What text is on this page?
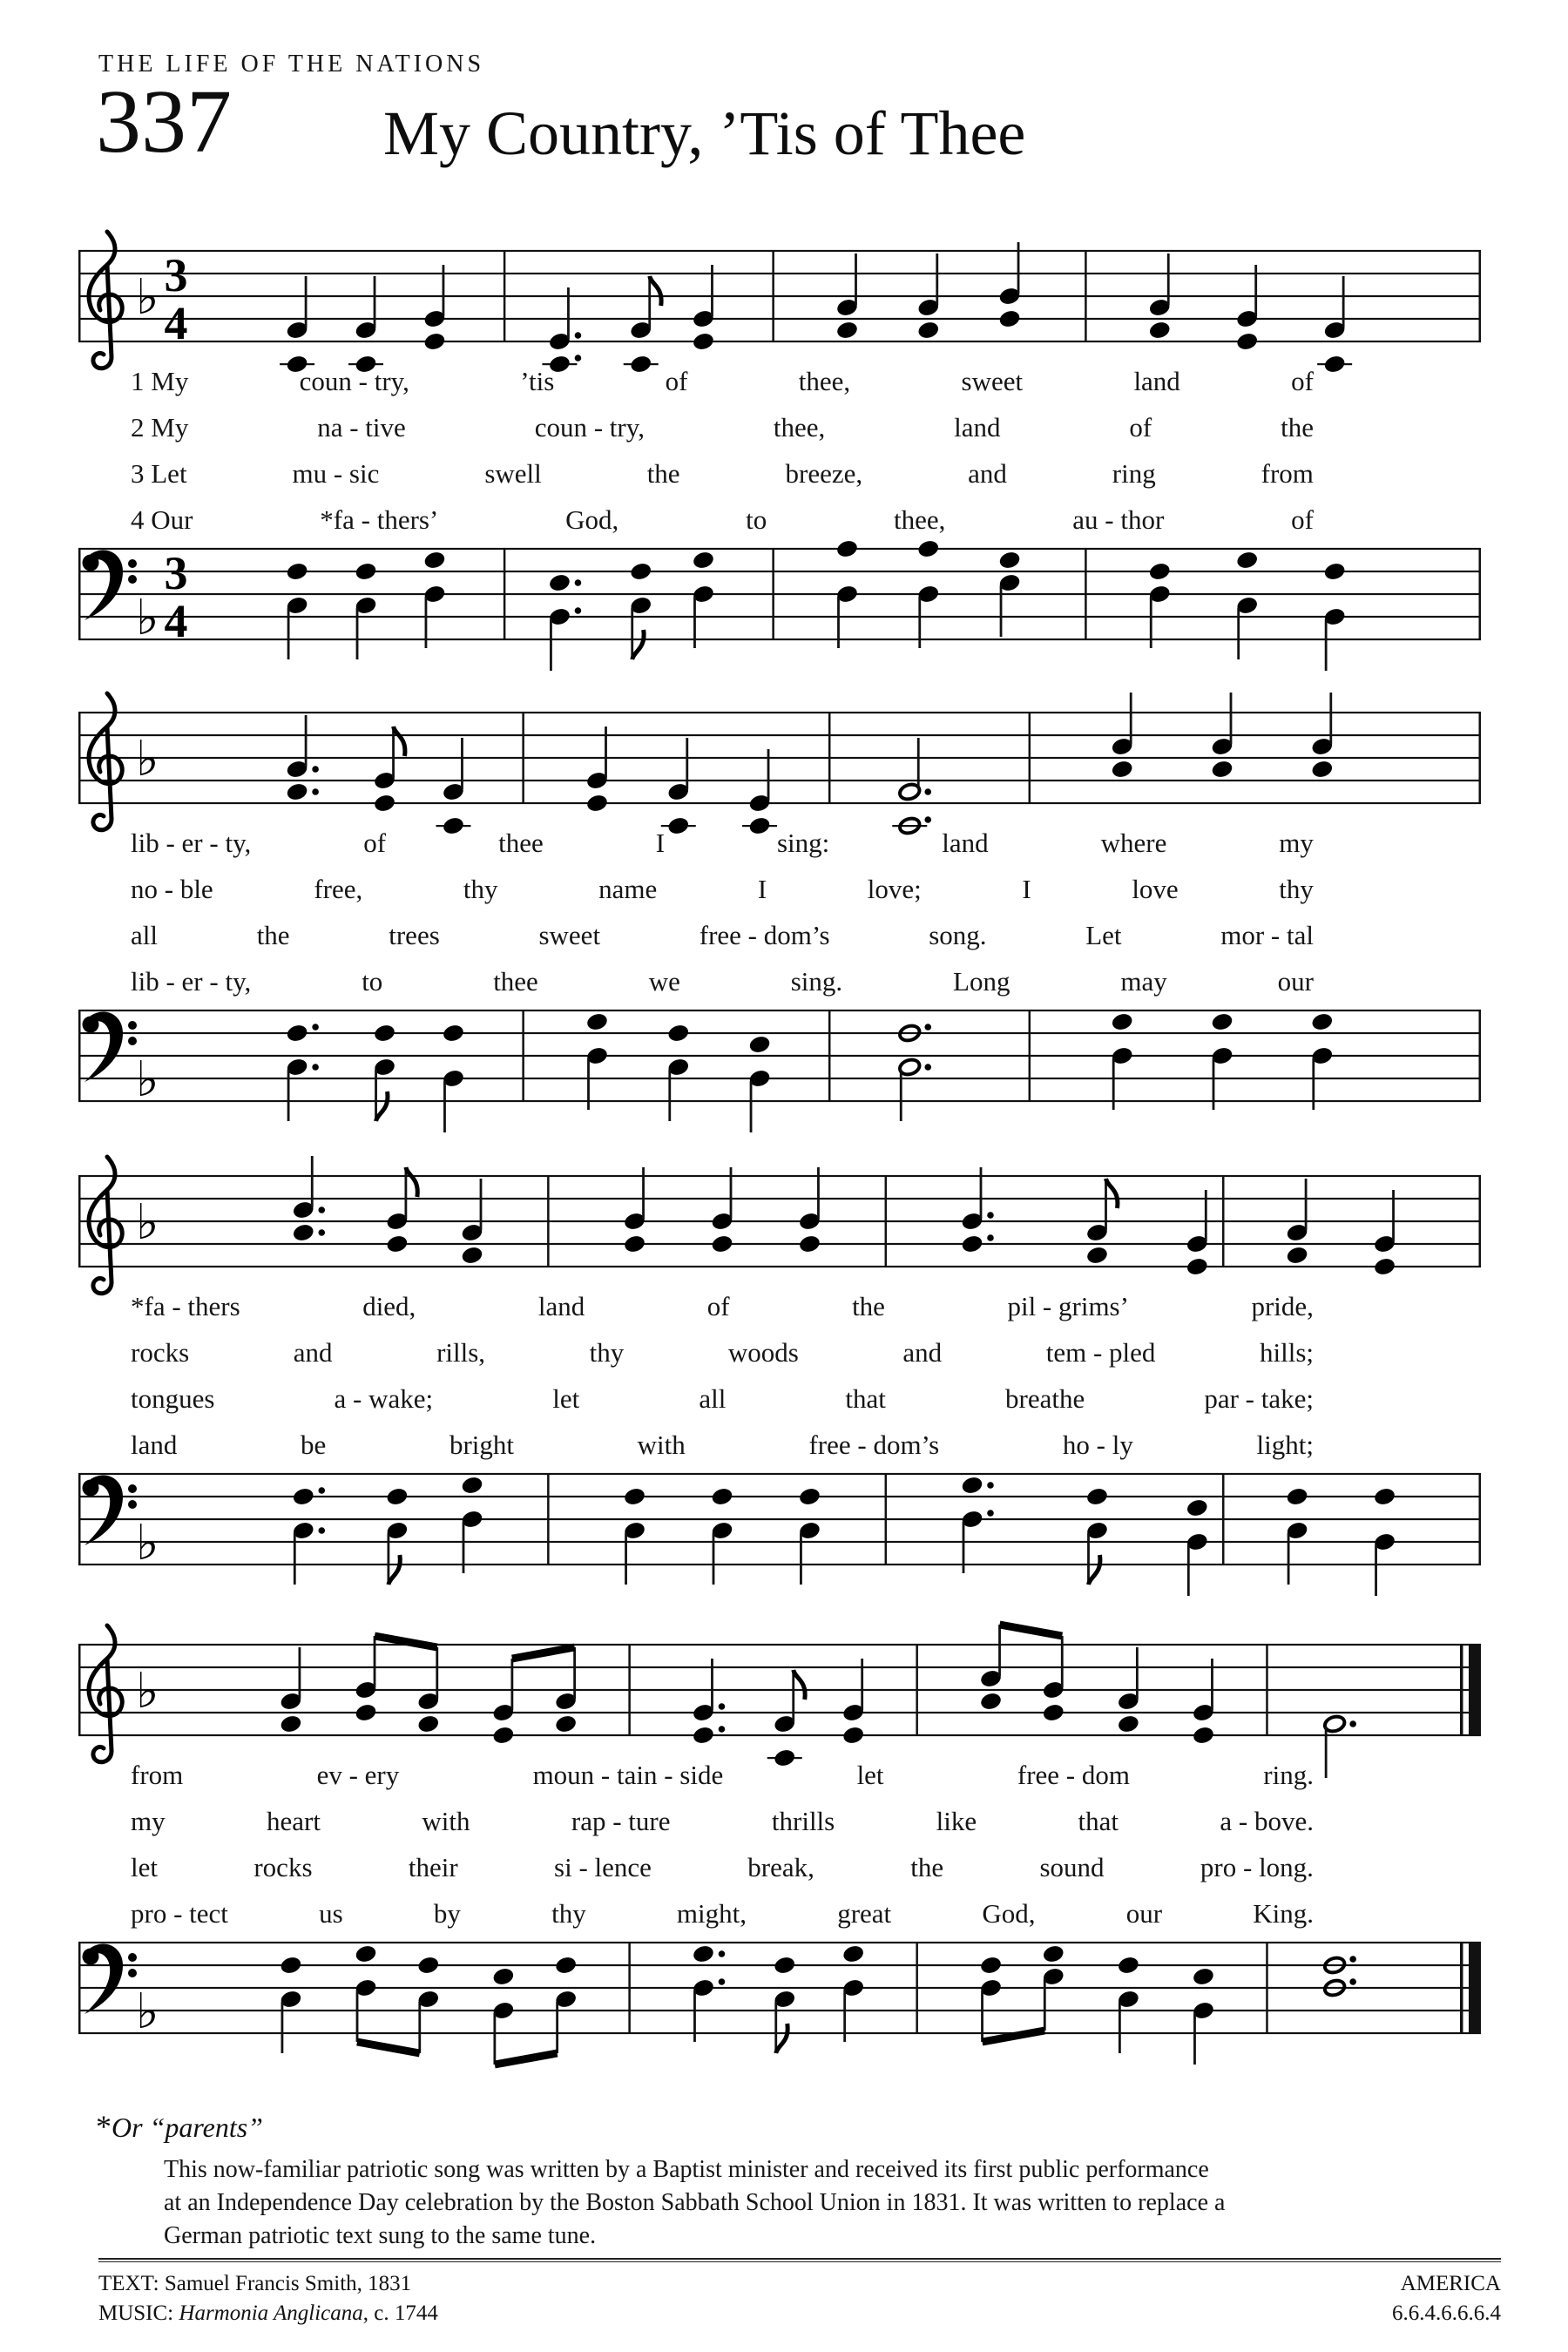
THE LIFE OF THE NATIONS
337 My Country, ’Tis of Thee
♭ 3
4
1 My	coun - try,	’tis	of	thee,	sweet	land	of
2 My	na - tive	coun - try,	thee,	land	of	the
3 Let	mu - sic	swell	the	breeze,	and	ring	from
4 Our	*fa - thers’	God,	to	thee,	au - thor	of
♭
3
4
♭
lib - er - ty,	of	thee	I	sing:	land	where	my
no - ble	free,	thy	name	I	love;	I	love	thy
all	the	trees	sweet	free - dom’s	song.	Let	mor - tal
lib - er - ty,	to	thee	we	sing.	Long	may	our
♭
♭
*fa - thers	died,	land	of	the	pil - grims’	pride,
rocks	and	rills,	thy	woods	and	tem - pled	hills;
tongues	a - wake;	let	all	that	breathe	par - take;
land	be	bright	with	free - dom’s	ho - ly	light;
♭
♭
from	ev - ery	moun - tain - side	let	free - dom	ring.
my	heart	with	rap - ture	thrills	like	that	a - bove.
let	rocks	their	si - lence	break,	the	sound	pro - long.
pro - tect	us	by	thy	might,	great	God,	our	King.
♭
*Or “parents”
This now-familiar patriotic song was written by a Baptist minister and received its first public performance
at an Independence Day celebration by the Boston Sabbath School Union in 1831. It was written to replace a
German patriotic text sung to the same tune.
TEXT: Samuel Francis Smith, 1831
MUSIC: Harmonia Anglicana, c. 1744
AMERICA
6.6.4.6.6.6.4
